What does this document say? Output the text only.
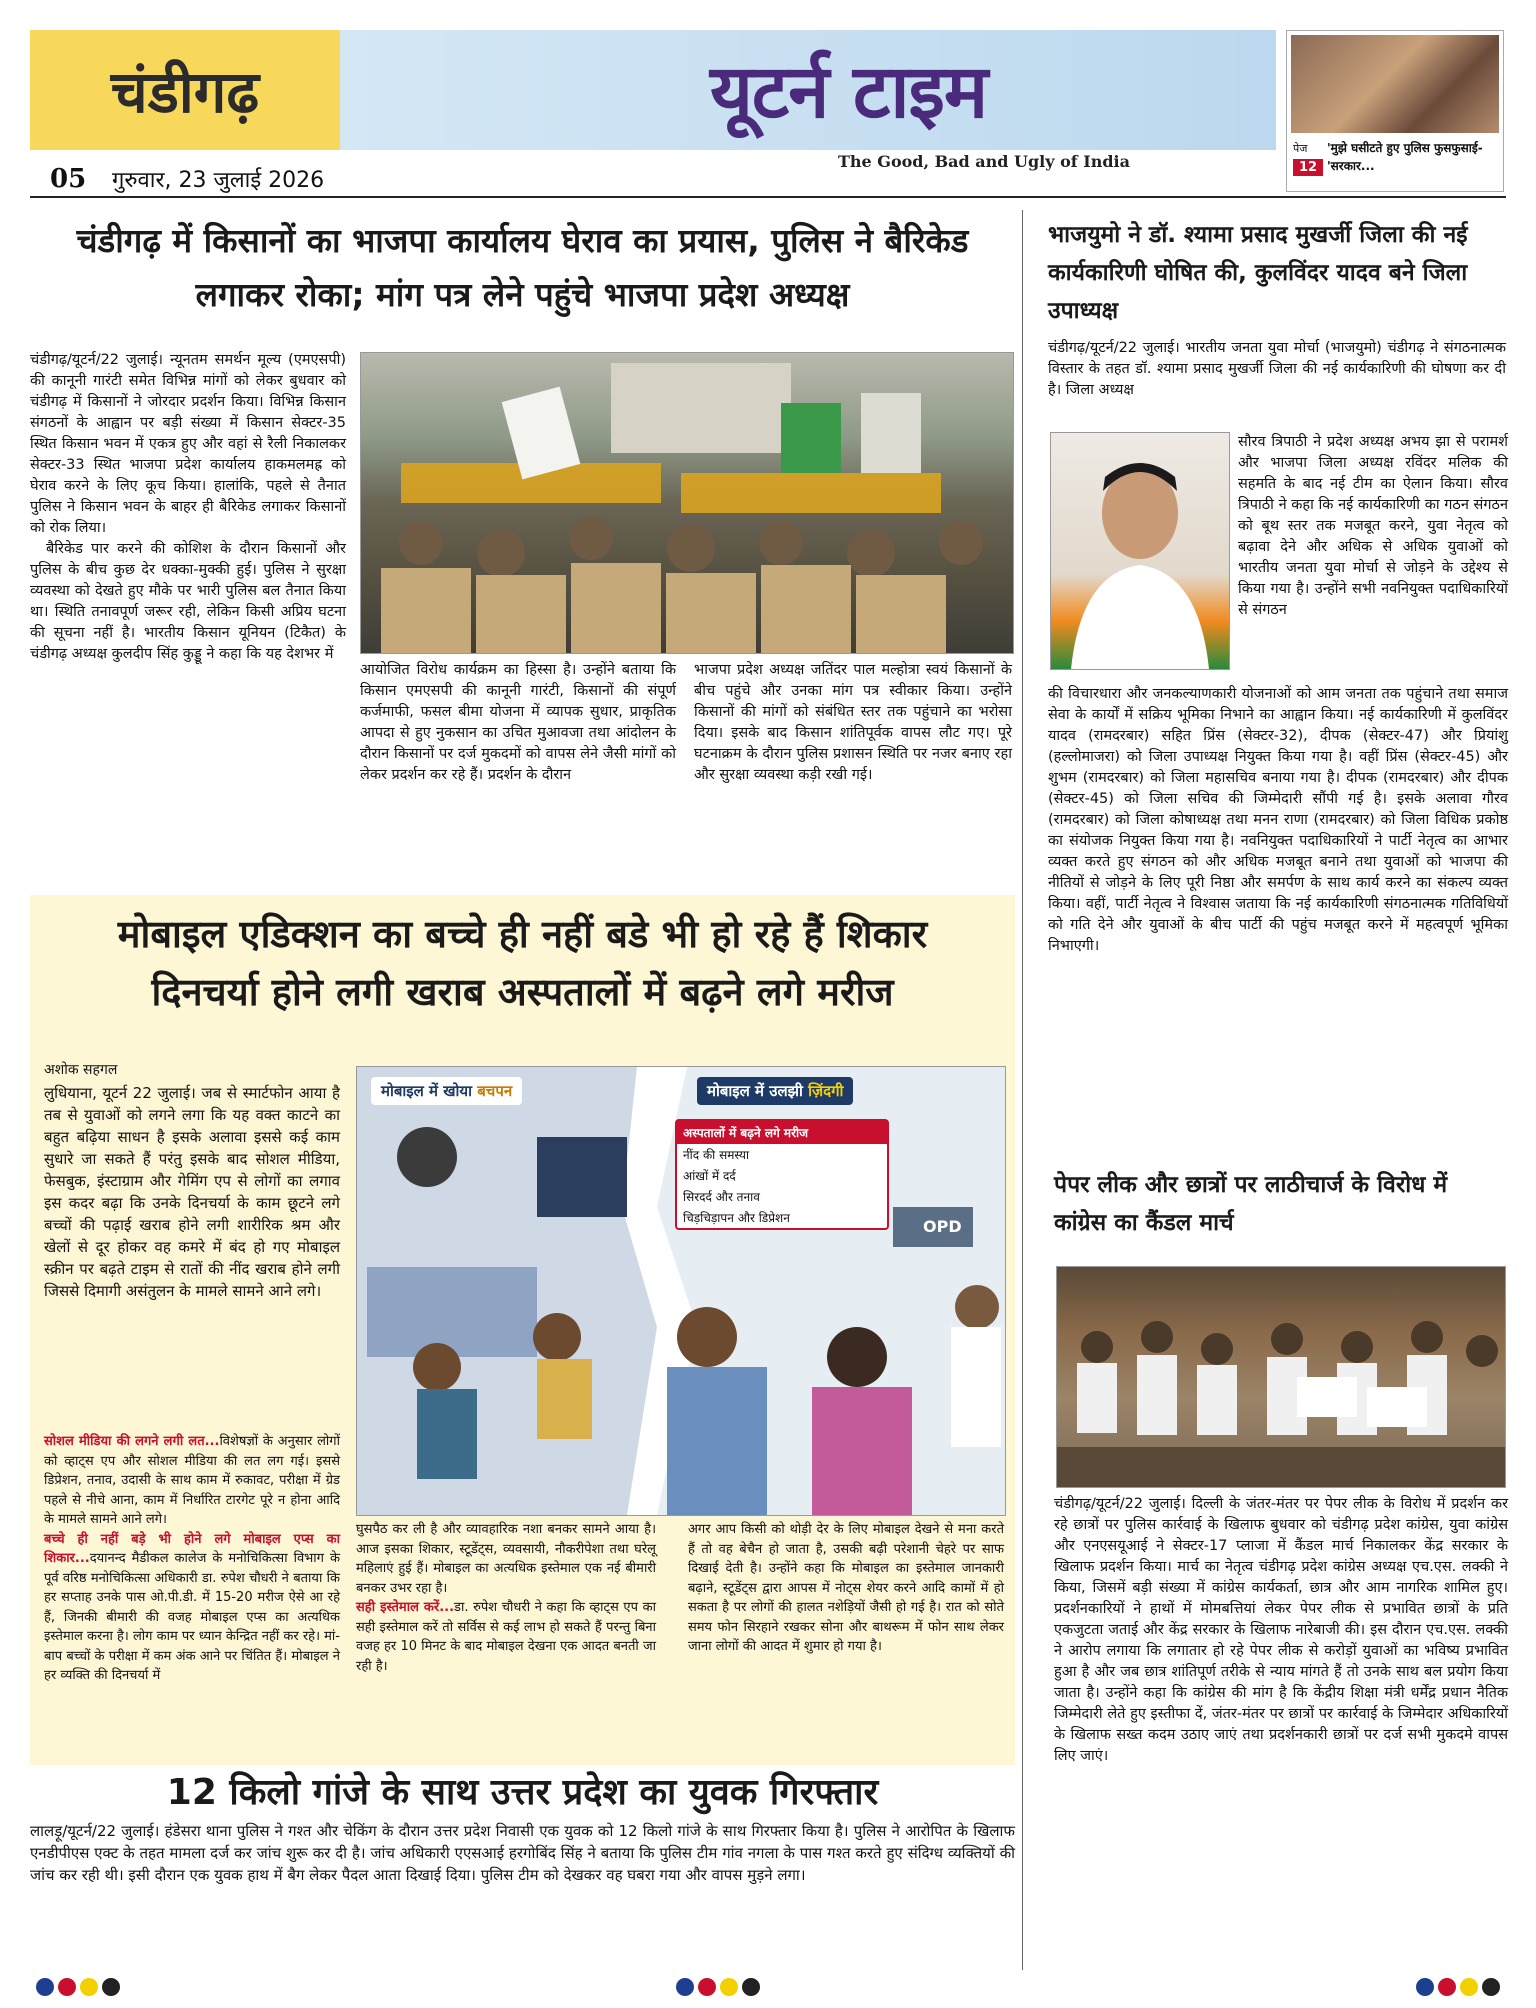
चंडीगढ़	यूटर्न टाइम
The Good, Bad and Ugly of India
05 गुरुवार, 23 जुलाई 2026
पेज
12
'मुझे घसीटते हुए पुलिस फुसफुसाई-'सरकार...
चंडीगढ़ में किसानों का भाजपा कार्यालय घेराव का प्रयास, पुलिस ने बैरिकेड लगाकर रोका; मांग पत्र लेने पहुंचे भाजपा प्रदेश अध्यक्ष
चंडीगढ़/यूटर्न/22 जुलाई। न्यूनतम समर्थन मूल्य (एमएसपी) की कानूनी गारंटी समेत विभिन्न मांगों को लेकर बुधवार को चंडीगढ़ में किसानों ने जोरदार प्रदर्शन किया। विभिन्न किसान संगठनों के आह्वान पर बड़ी संख्या में किसान सेक्टर-35 स्थित किसान भवन में एकत्र हुए और वहां से रैली निकालकर सेक्टर-33 स्थित भाजपा प्रदेश कार्यालय हाकमलमह्र को घेराव करने के लिए कूच किया। हालांकि, पहले से तैनात पुलिस ने किसान भवन के बाहर ही बैरिकेड लगाकर किसानों को रोक लिया।
बैरिकेड पार करने की कोशिश के दौरान किसानों और पुलिस के बीच कुछ देर धक्का-मुक्की हुई। पुलिस ने सुरक्षा व्यवस्था को देखते हुए मौके पर भारी पुलिस बल तैनात किया था। स्थिति तनावपूर्ण जरूर रही, लेकिन किसी अप्रिय घटना की सूचना नहीं है। भारतीय किसान यूनियन (टिकैत) के चंडीगढ़ अध्यक्ष कुलदीप सिंह कुड्डू ने कहा कि यह देशभर में
आयोजित विरोध कार्यक्रम का हिस्सा है। उन्होंने बताया कि किसान एमएसपी की कानूनी गारंटी, किसानों की संपूर्ण कर्जमाफी, फसल बीमा योजना में व्यापक सुधार, प्राकृतिक आपदा से हुए नुकसान का उचित मुआवजा तथा आंदोलन के दौरान किसानों पर दर्ज मुकदमों को वापस लेने जैसी मांगों को लेकर प्रदर्शन कर रहे हैं। प्रदर्शन के दौरान
भाजपा प्रदेश अध्यक्ष जतिंदर पाल मल्होत्रा स्वयं किसानों के बीच पहुंचे और उनका मांग पत्र स्वीकार किया। उन्होंने किसानों की मांगों को संबंधित स्तर तक पहुंचाने का भरोसा दिया। इसके बाद किसान शांतिपूर्वक वापस लौट गए। पूरे घटनाक्रम के दौरान पुलिस प्रशासन स्थिति पर नजर बनाए रहा और सुरक्षा व्यवस्था कड़ी रखी गई।
मोबाइल एडिक्शन का बच्चे ही नहीं बडे भी हो रहे हैं शिकार
दिनचर्या होने लगी खराब अस्पतालों में बढ़ने लगे मरीज
अशोक सहगल
लुधियाना, यूटर्न 22 जुलाई। जब से स्मार्टफोन आया है तब से युवाओं को लगने लगा कि यह वक्त काटने का बहुत बढ़िया साधन है इसके अलावा इससे कई काम सुधारे जा सकते हैं परंतु इसके बाद सोशल मीडिया, फेसबुक, इंस्टाग्राम और गेमिंग एप से लोगों का लगाव इस कदर बढ़ा कि उनके दिनचर्या के काम छूटने लगे बच्चों की पढ़ाई खराब होने लगी शारीरिक श्रम और खेलों से दूर होकर वह कमरे में बंद हो गए मोबाइल स्क्रीन पर बढ़ते टाइम से रातों की नींद खराब होने लगी जिससे दिमागी असंतुलन के मामले सामने आने लगे।
सोशल मीडिया की लगने लगी लत...विशेषज्ञों के अनुसार लोगों को व्हाट्स एप और सोशल मीडिया की लत लग गई। इससे डिप्रेशन, तनाव, उदासी के साथ काम में रुकावट, परीक्षा में ग्रेड पहले से नीचे आना, काम में निर्धारित टारगेट पूरे न होना आदि के मामले सामने आने लगे।
बच्चे ही नहीं बड़े भी होने लगे मोबाइल एप्स का शिकार...दयानन्द मैडीकल कालेज के मनोचिकित्सा विभाग के पूर्व वरिष्ठ मनोचिकित्सा अधिकारी डा. रुपेश चौधरी ने बताया कि हर सप्ताह उनके पास ओ.पी.डी. में 15-20 मरीज ऐसे आ रहे हैं, जिनकी बीमारी की वजह मोबाइल एप्स का अत्यधिक इस्तेमाल करना है। लोग काम पर ध्यान केन्द्रित नहीं कर रहे। मां-बाप बच्चों के परीक्षा में कम अंक आने पर चिंतित हैं। मोबाइल ने हर व्यक्ति की दिनचर्या में
मोबाइल में खोया बचपन	मोबाइल में उलझी ज़िंदगी
अस्पतालों में बढ़ने लगे मरीज
नींद की समस्या
आंखों में दर्द
सिरदर्द और तनाव
चिड़चिड़ापन और डिप्रेशन	OPD
घुसपैठ कर ली है और व्यावहारिक नशा बनकर सामने आया है। आज इसका शिकार, स्टूडेंट्स, व्यवसायी, नौकरीपेशा तथा घरेलू महिलाएं हुई हैं। मोबाइल का अत्यधिक इस्तेमाल एक नई बीमारी बनकर उभर रहा है।
सही इस्तेमाल करें...डा. रुपेश चौधरी ने कहा कि व्हाट्स एप का सही इस्तेमाल करें तो सर्विस से कई लाभ हो सकते हैं परन्तु बिना वजह हर 10 मिनट के बाद मोबाइल देखना एक आदत बनती जा रही है।
अगर आप किसी को थोड़ी देर के लिए मोबाइल देखने से मना करते हैं तो वह बेचैन हो जाता है, उसकी बढ़ी परेशानी चेहरे पर साफ दिखाई देती है। उन्होंने कहा कि मोबाइल का इस्तेमाल जानकारी बढ़ाने, स्टूडेंट्स द्वारा आपस में नोट्स शेयर करने आदि कामों में हो सकता है पर लोगों की हालत नशेड़ियों जैसी हो गई है। रात को सोते समय फोन सिरहाने रखकर सोना और बाथरूम में फोन साथ लेकर जाना लोगों की आदत में शुमार हो गया है।
12 किलो गांजे के साथ उत्तर प्रदेश का युवक गिरफ्तार
लालड़ू/यूटर्न/22 जुलाई। हंडेसरा थाना पुलिस ने गश्त और चेकिंग के दौरान उत्तर प्रदेश निवासी एक युवक को 12 किलो गांजे के साथ गिरफ्तार किया है। पुलिस ने आरोपित के खिलाफ एनडीपीएस एक्ट के तहत मामला दर्ज कर जांच शुरू कर दी है। जांच अधिकारी एएसआई हरगोबिंद सिंह ने बताया कि पुलिस टीम गांव नगला के पास गश्त करते हुए संदिग्ध व्यक्तियों की जांच कर रही थी। इसी दौरान एक युवक हाथ में बैग लेकर पैदल आता दिखाई दिया। पुलिस टीम को देखकर वह घबरा गया और वापस मुड़ने लगा।
भाजयुमो ने डॉ. श्यामा प्रसाद मुखर्जी जिला की नई कार्यकारिणी घोषित की, कुलविंदर यादव बने जिला उपाध्यक्ष
चंडीगढ़/यूटर्न/22 जुलाई। भारतीय जनता युवा मोर्चा (भाजयुमो) चंडीगढ़ ने संगठनात्मक विस्तार के तहत डॉ. श्यामा प्रसाद मुखर्जी जिला की नई कार्यकारिणी की घोषणा कर दी है। जिला अध्यक्ष
सौरव त्रिपाठी ने प्रदेश अध्यक्ष अभय झा से परामर्श और भाजपा जिला अध्यक्ष रविंदर मलिक की सहमति के बाद नई टीम का ऐलान किया। सौरव त्रिपाठी ने कहा कि नई कार्यकारिणी का गठन संगठन को बूथ स्तर तक मजबूत करने, युवा नेतृत्व को बढ़ावा देने और अधिक से अधिक युवाओं को भारतीय जनता युवा मोर्चा से जोड़ने के उद्देश्य से किया गया है। उन्होंने सभी नवनियुक्त पदाधिकारियों से संगठन
की विचारधारा और जनकल्याणकारी योजनाओं को आम जनता तक पहुंचाने तथा समाज सेवा के कार्यों में सक्रिय भूमिका निभाने का आह्वान किया। नई कार्यकारिणी में कुलविंदर यादव (रामदरबार) सहित प्रिंस (सेक्टर-32), दीपक (सेक्टर-47) और प्रियांशु (हल्लोमाजरा) को जिला उपाध्यक्ष नियुक्त किया गया है। वहीं प्रिंस (सेक्टर-45) और शुभम (रामदरबार) को जिला महासचिव बनाया गया है। दीपक (रामदरबार) और दीपक (सेक्टर-45) को जिला सचिव की जिम्मेदारी सौंपी गई है। इसके अलावा गौरव (रामदरबार) को जिला कोषाध्यक्ष तथा मनन राणा (रामदरबार) को जिला विधिक प्रकोष्ठ का संयोजक नियुक्त किया गया है। नवनियुक्त पदाधिकारियों ने पार्टी नेतृत्व का आभार व्यक्त करते हुए संगठन को और अधिक मजबूत बनाने तथा युवाओं को भाजपा की नीतियों से जोड़ने के लिए पूरी निष्ठा और समर्पण के साथ कार्य करने का संकल्प व्यक्त किया। वहीं, पार्टी नेतृत्व ने विश्वास जताया कि नई कार्यकारिणी संगठनात्मक गतिविधियों को गति देने और युवाओं के बीच पार्टी की पहुंच मजबूत करने में महत्वपूर्ण भूमिका निभाएगी।
पेपर लीक और छात्रों पर लाठीचार्ज के विरोध में कांग्रेस का कैंडल मार्च
चंडीगढ़/यूटर्न/22 जुलाई। दिल्ली के जंतर-मंतर पर पेपर लीक के विरोध में प्रदर्शन कर रहे छात्रों पर पुलिस कार्रवाई के खिलाफ बुधवार को चंडीगढ़ प्रदेश कांग्रेस, युवा कांग्रेस और एनएसयूआई ने सेक्टर-17 प्लाजा में कैंडल मार्च निकालकर केंद्र सरकार के खिलाफ प्रदर्शन किया। मार्च का नेतृत्व चंडीगढ़ प्रदेश कांग्रेस अध्यक्ष एच.एस. लक्की ने किया, जिसमें बड़ी संख्या में कांग्रेस कार्यकर्ता, छात्र और आम नागरिक शामिल हुए। प्रदर्शनकारियों ने हाथों में मोमबत्तियां लेकर पेपर लीक से प्रभावित छात्रों के प्रति एकजुटता जताई और केंद्र सरकार के खिलाफ नारेबाजी की। इस दौरान एच.एस. लक्की ने आरोप लगाया कि लगातार हो रहे पेपर लीक से करोड़ों युवाओं का भविष्य प्रभावित हुआ है और जब छात्र शांतिपूर्ण तरीके से न्याय मांगते हैं तो उनके साथ बल प्रयोग किया जाता है। उन्होंने कहा कि कांग्रेस की मांग है कि केंद्रीय शिक्षा मंत्री धर्मेंद्र प्रधान नैतिक जिम्मेदारी लेते हुए इस्तीफा दें, जंतर-मंतर पर छात्रों पर कार्रवाई के जिम्मेदार अधिकारियों के खिलाफ सख्त कदम उठाए जाएं तथा प्रदर्शनकारी छात्रों पर दर्ज सभी मुकदमे वापस लिए जाएं।
